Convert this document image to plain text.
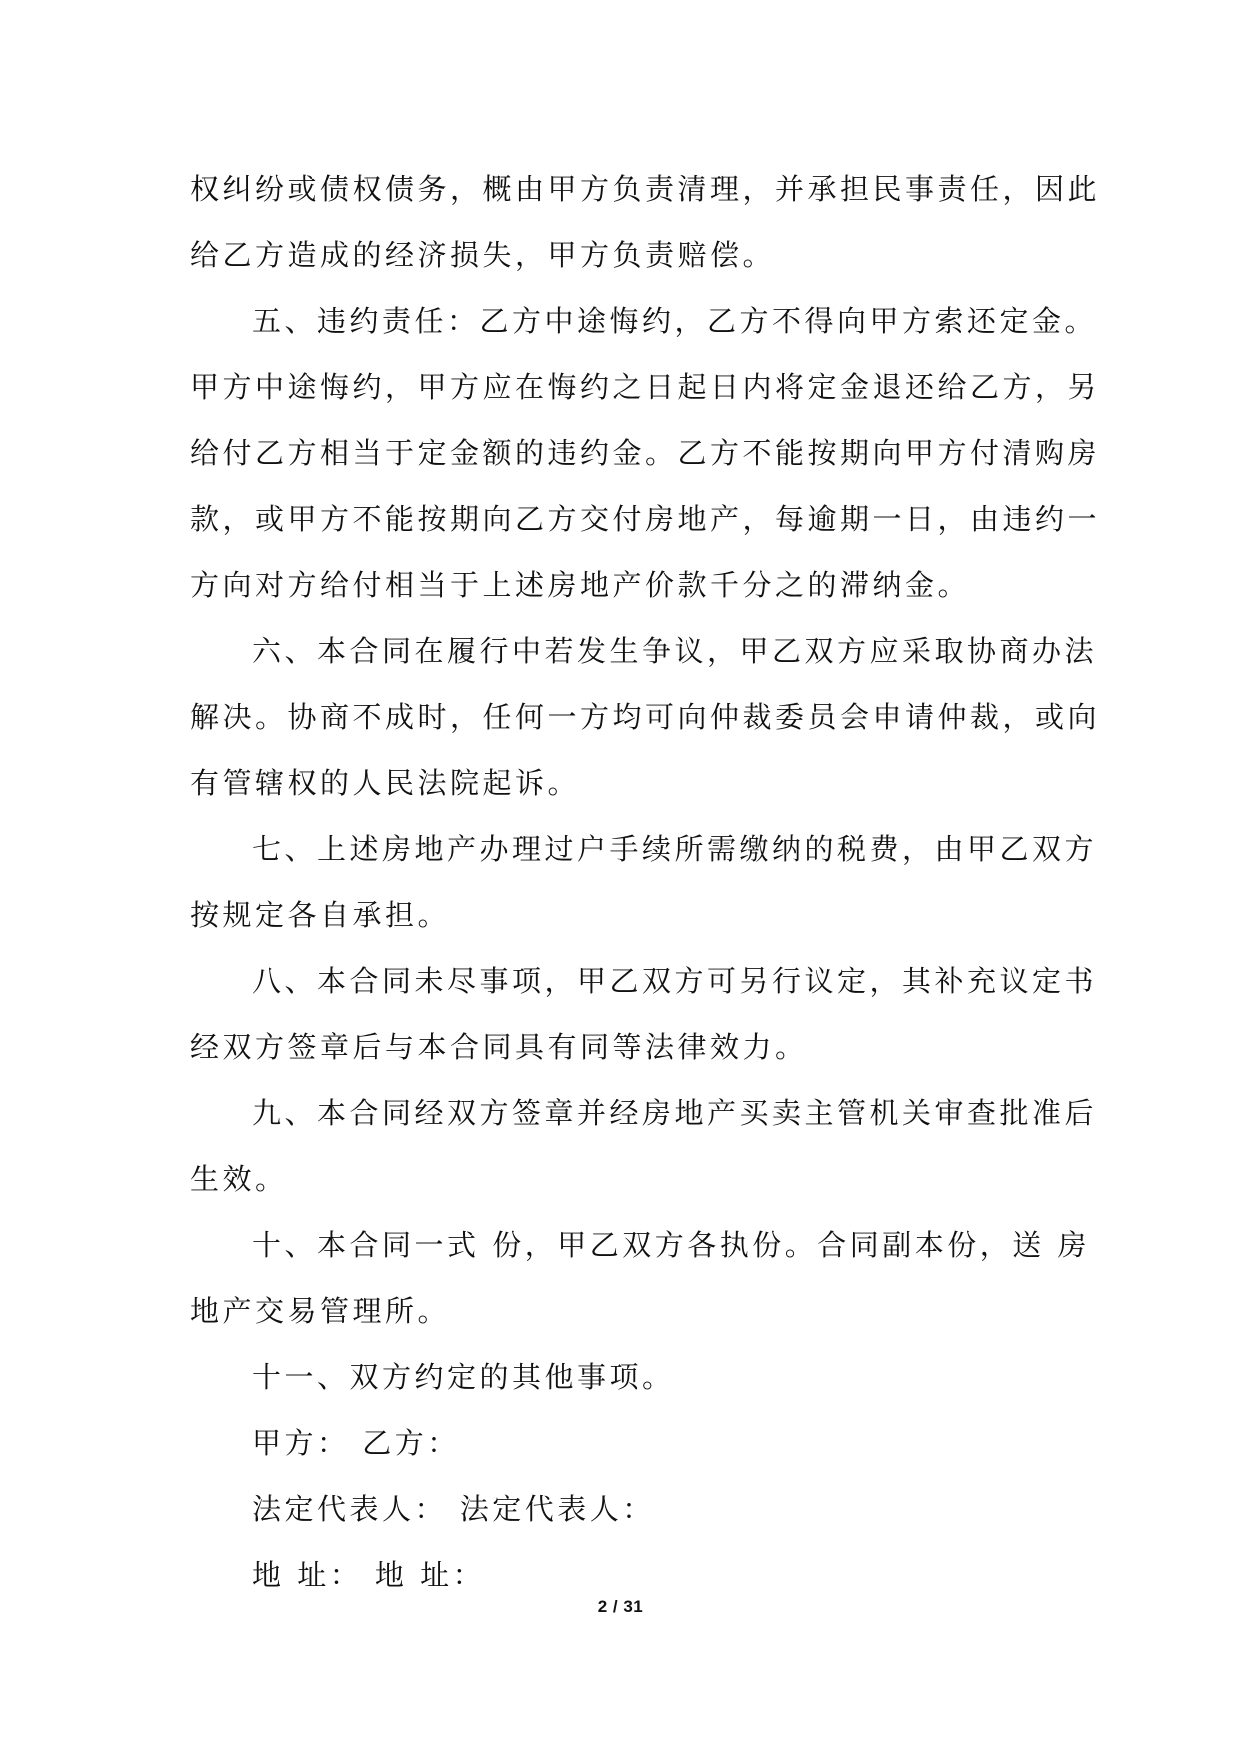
权纠纷或债权债务，概由甲方负责清理，并承担民事责任，因此
给乙方造成的经济损失，甲方负责赔偿。
五、违约责任：乙方中途悔约，乙方不得向甲方索还定金。
甲方中途悔约，甲方应在悔约之日起日内将定金退还给乙方，另
给付乙方相当于定金额的违约金。乙方不能按期向甲方付清购房
款，或甲方不能按期向乙方交付房地产，每逾期一日，由违约一
方向对方给付相当于上述房地产价款千分之的滞纳金。
六、本合同在履行中若发生争议，甲乙双方应采取协商办法
解决。协商不成时，任何一方均可向仲裁委员会申请仲裁，或向
有管辖权的人民法院起诉。
七、上述房地产办理过户手续所需缴纳的税费，由甲乙双方
按规定各自承担。
八、本合同未尽事项，甲乙双方可另行议定，其补充议定书
经双方签章后与本合同具有同等法律效力。
九、本合同经双方签章并经房地产买卖主管机关审查批准后
生效。
十、本合同一式 份，甲乙双方各执份。合同副本份，送 房
地产交易管理所。
十一、双方约定的其他事项。
甲方： 乙方：
法定代表人： 法定代表人：
地 址： 地 址：
2 / 31
